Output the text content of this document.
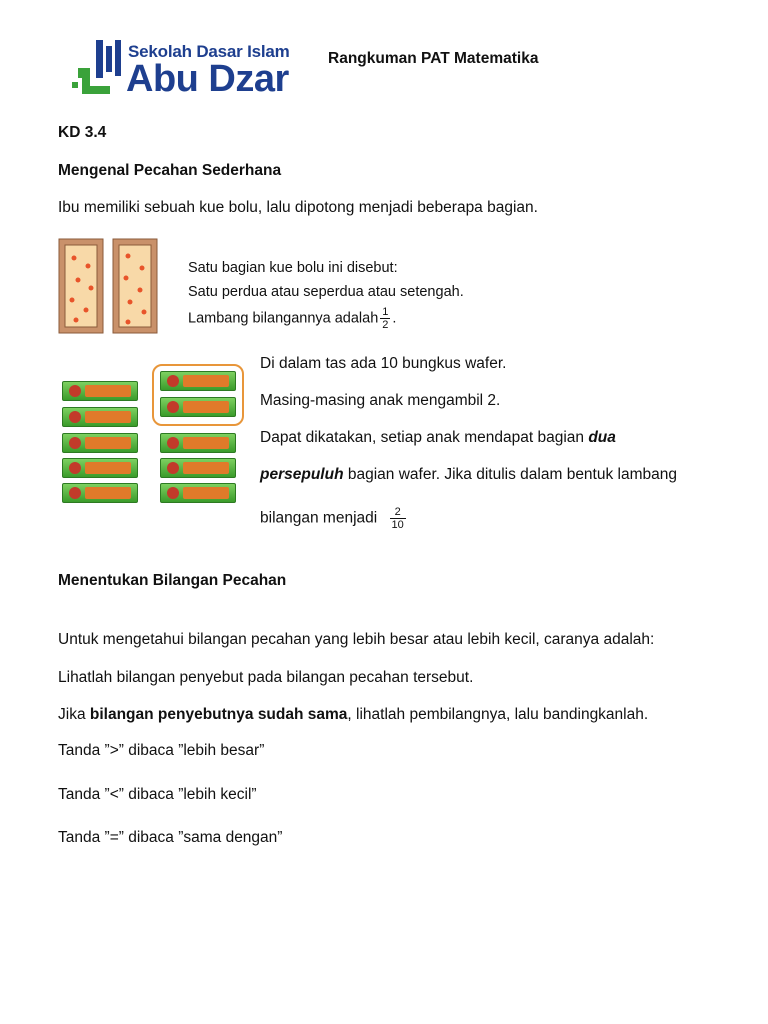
Sekolah Dasar Islam
Abu Dzar	Rangkuman PAT Matematika
KD 3.4
Mengenal Pecahan Sederhana
Ibu memiliki sebuah kue bolu, lalu dipotong menjadi beberapa bagian.
Satu bagian kue bolu ini disebut:
Satu perdua atau seperdua atau setengah.
Lambang bilangannya adalah $\frac{1}{2}$ .
Di dalam tas ada 10 bungkus wafer.
Masing-masing anak mengambil 2.
Dapat dikatakan, setiap anak mendapat bagian dua
persepuluh bagian wafer. Jika ditulis dalam bentuk lambang
bilangan menjadi $\frac{2}{10}$
Menentukan Bilangan Pecahan
Untuk mengetahui bilangan pecahan yang lebih besar atau lebih kecil, caranya adalah:
Lihatlah bilangan penyebut pada bilangan pecahan tersebut.
Jika bilangan penyebutnya sudah sama, lihatlah pembilangnya, lalu bandingkanlah.
Tanda ”>” dibaca ”lebih besar”
Tanda ”<” dibaca ”lebih kecil”
Tanda ”=” dibaca ”sama dengan”
